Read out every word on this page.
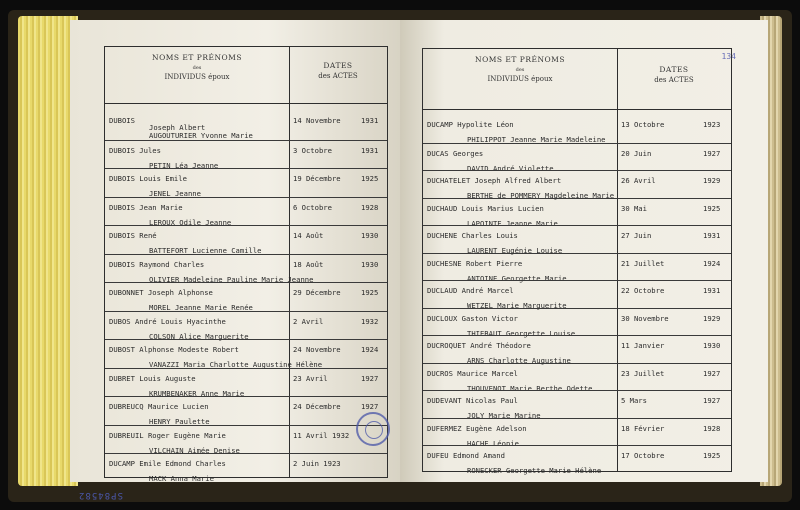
NOMS ET PRÉNOMS
des
INDIVIDUS époux
DATES
des ACTES
DUBOIS
Joseph Albert
AUGOUTURIER Yvonne Marie
14 Novembre	1931
DUBOIS Jules
PETIN Léa Jeanne
3 Octobre	1931
DUBOIS Louis Emile
JENEL Jeanne
19 Décembre	1925
DUBOIS Jean Marie
LEROUX Odile Jeanne
6 Octobre	1928
DUBOIS René
BATTEFORT Lucienne Camille
14 Août	1930
DUBOIS Raymond Charles
OLIVIER Madeleine Pauline Marie Jeanne
18 Août	1930
DUBONNET Joseph Alphonse
MOREL Jeanne Marie Renée
29 Décembre	1925
DUBOS André Louis Hyacinthe
COLSON Alice Marguerite
2 Avril	1932
DUBOST Alphonse Modeste Robert
VANAZZI Maria Charlotte Augustine Hélène
24 Novembre	1924
DUBRET Louis Auguste
KRUMBENAKER Anne Marie
23 Avril	1927
DUBREUCQ Maurice Lucien
HENRY Paulette
24 Décembre	1927
DUBREUIL Roger Eugène Marie
VILCHAIN Aimée Denise
11 Avril 1932
DUCAMP Emile Edmond Charles
MACK Anna Marie
2 Juin 1923
134
NOMS ET PRÉNOMS
des
INDIVIDUS époux
DATES
des ACTES
DUCAMP Hypolite Léon
PHILIPPOT Jeanne Marie Madeleine
13 Octobre	1923
DUCAS Georges
DAVID André Violette
20 Juin	1927
DUCHATELET Joseph Alfred Albert
BERTHE de POMMERY Magdeleine Marie
26 Avril	1929
DUCHAUD Louis Marius Lucien
LAPOINTE Jeanne Marie
30 Mai	1925
DUCHENE Charles Louis
LAURENT Eugénie Louise
27 Juin	1931
DUCHESNE Robert Pierre
ANTOINE Georgette Marie
21 Juillet	1924
DUCLAUD André Marcel
WETZEL Marie Marguerite
22 Octobre	1931
DUCLOUX Gaston Victor
THIEBAUT Georgette Louise
30 Novembre	1929
DUCROQUET André Théodore
ARNS Charlotte Augustine
11 Janvier	1930
DUCROS Maurice Marcel
THOUVENOT Marie Berthe Odette
23 Juillet	1927
DUDEVANT Nicolas Paul
JOLY Marie Marine
5 Mars	1927
DUFERMEZ Eugène Adelson
HACHE Léonie
18 Février	1928
DUFEU Edmond Amand
RONECKER Georgette Marie Hélène
17 Octobre	1925
SP84582
